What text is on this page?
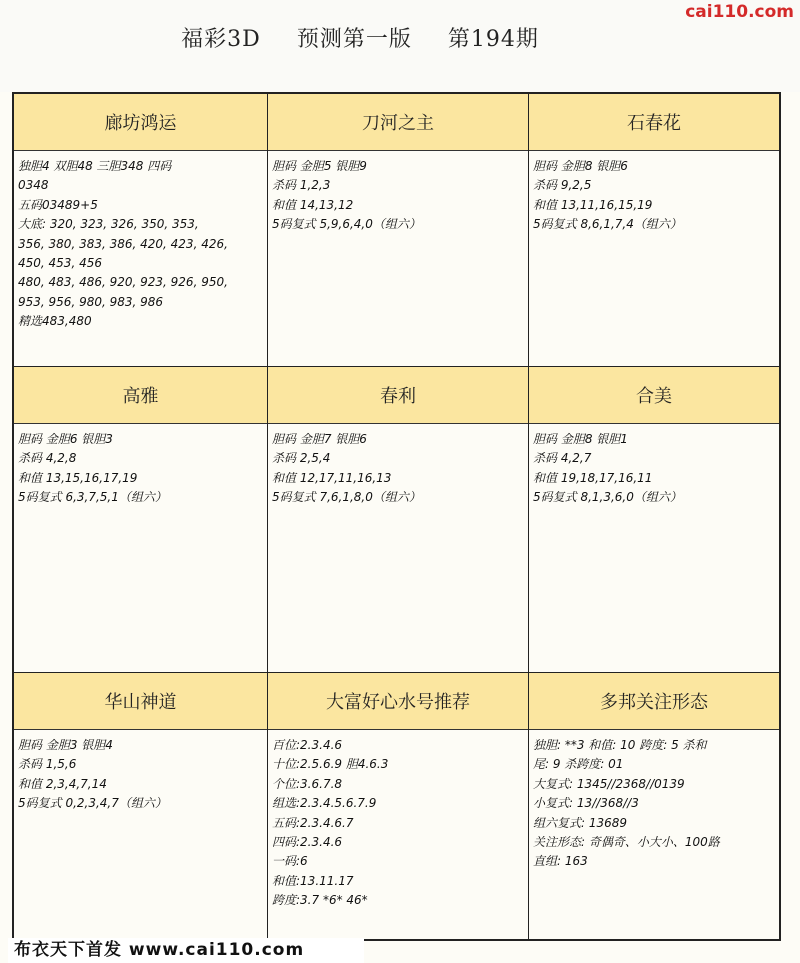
福彩3D 预测第一版 第194期
cai110.com
廊坊鸿运
独胆4 双胆48 三胆348 四码
0348
五码03489+5
大底: 320, 323, 326, 350, 353,
356, 380, 383, 386, 420, 423, 426,
450, 453, 456
480, 483, 486, 920, 923, 926, 950,
953, 956, 980, 983, 986
精选483,480
刀河之主
胆码 金胆5 银胆9
杀码 1,2,3
和值 14,13,12
5码复式 5,9,6,4,0（组六）
石春花
胆码 金胆8 银胆6
杀码 9,2,5
和值 13,11,16,15,19
5码复式 8,6,1,7,4（组六）
高雅
胆码 金胆6 银胆3
杀码 4,2,8
和值 13,15,16,17,19
5码复式 6,3,7,5,1（组六）
春利
胆码 金胆7 银胆6
杀码 2,5,4
和值 12,17,11,16,13
5码复式 7,6,1,8,0（组六）
合美
胆码 金胆8 银胆1
杀码 4,2,7
和值 19,18,17,16,11
5码复式 8,1,3,6,0（组六）
华山神道
胆码 金胆3 银胆4
杀码 1,5,6
和值 2,3,4,7,14
5码复式 0,2,3,4,7（组六）
大富好心水号推荐
百位:2.3.4.6
十位:2.5.6.9 胆4.6.3
个位:3.6.7.8
组选:2.3.4.5.6.7.9
五码:2.3.4.6.7
四码:2.3.4.6
一码:6
和值:13.11.17
跨度:3.7 *6* 46*
多邦关注形态
独胆: **3 和值: 10 跨度: 5 杀和
尾: 9 杀跨度: 01
大复式: 1345//2368//0139
小复式: 13//368//3
组六复式: 13689
关注形态: 奇偶奇、小大小、100路
直组: 163
布衣天下首发 www.cai110.com
